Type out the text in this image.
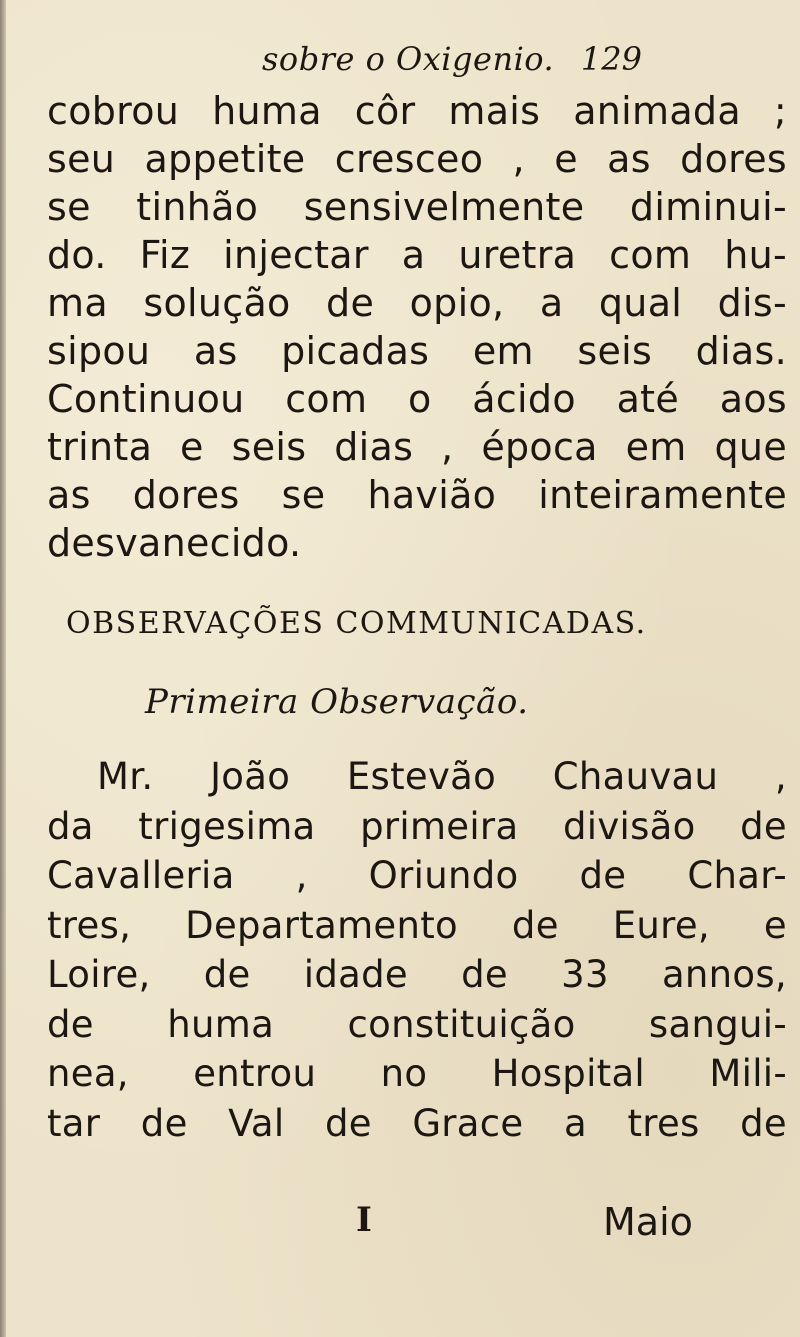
sobre o Oxigenio. 129
cobrou huma côr mais animada ;
seu appetite cresceo , e as dores
se tinhão sensivelmente diminui-
do. Fiz injectar a uretra com hu-
ma solução de opio, a qual dis-
sipou as picadas em seis dias.
Continuou com o ácido até aos
trinta e seis dias , época em que
as dores se havião inteiramente
desvanecido.
OBSERVAÇÕES COMMUNICADAS.
Primeira Observação.
Mr. João Estevão Chauvau ,
da trigesima primeira divisão de
Cavalleria , Oriundo de Char-
tres, Departamento de Eure, e
Loire, de idade de 33 annos,
de huma constituição sangui-
nea, entrou no Hospital Mili-
tar de Val de Grace a tres de
I	Maio
